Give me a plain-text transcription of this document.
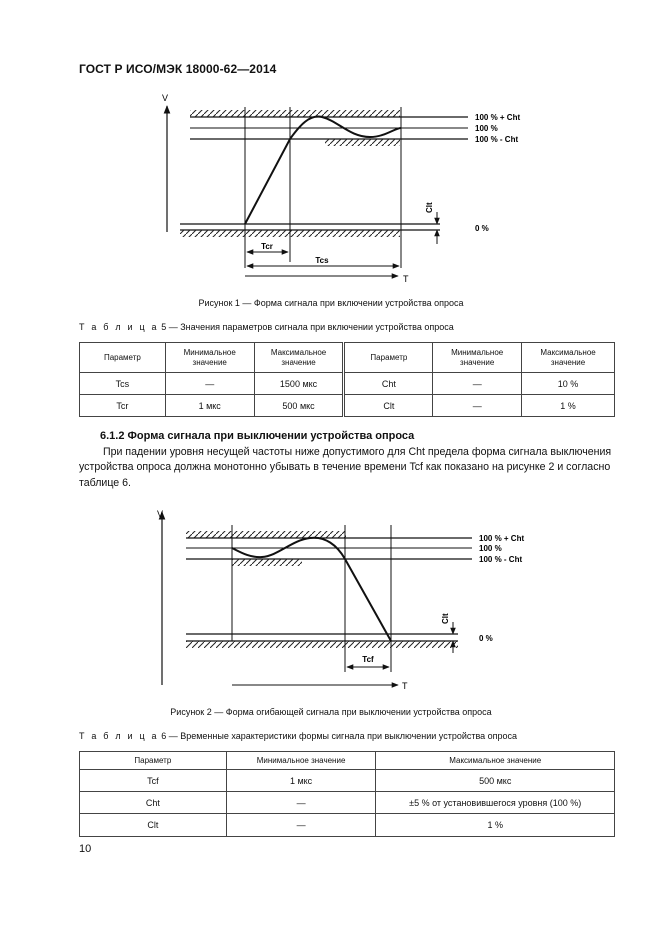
ГОСТ Р ИСО/МЭК 18000-62—2014
V
Clt
100 % + Cht
100 %
100 % - Cht
0 %
Tcr
Tcs
T
Рисунок 1 — Форма сигнала при включении устройства опроса
Т а б л и ц а 5 — Значения параметров сигнала при включении устройства опроса
Параметр	Минимальное значение	Максимальное значение	Параметр	Минимальное значение	Максимальное значение
Tcs	—	1500 мкс	Cht	—	10 %
Tcr	1 мкс	500 мкс	Clt	—	1 %
6.1.2 Форма сигнала при выключении устройства опроса
При падении уровня несущей частоты ниже допустимого для Cht предела форма сигнала выключения устройства опроса должна монотонно убывать в течение времени Tcf как показано на рисунке 2 и согласно таблице 6.
V
Clt
100 % + Cht
100 %
100 % - Cht
0 %
Tcf
T
Рисунок 2 — Форма огибающей сигнала при выключении устройства опроса
Т а б л и ц а 6 — Временные характеристики формы сигнала при выключении устройства опроса
Параметр	Минимальное значение	Максимальное значение
Tcf	1 мкс	500 мкс
Cht	—	±5 % от установившегося уровня (100 %)
Clt	—	1 %
10
